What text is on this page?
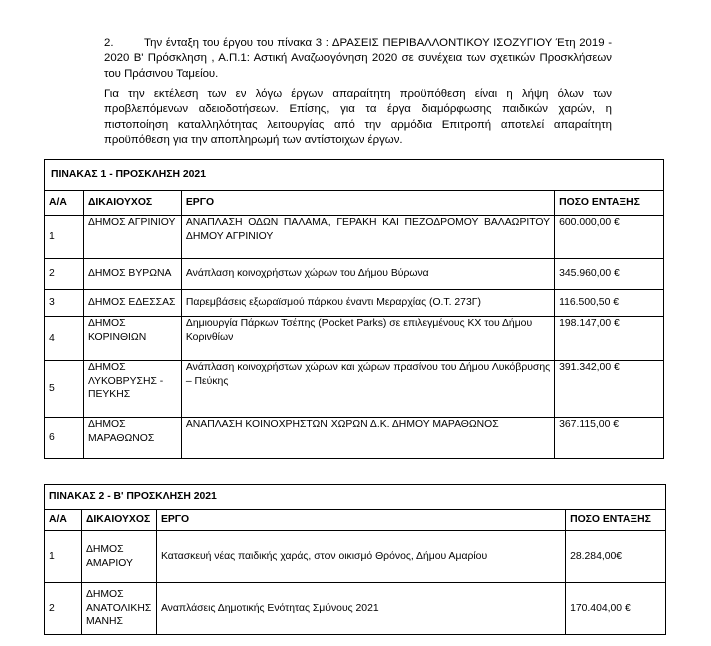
2.	Την ένταξη του έργου του πίνακα 3 : ΔΡΑΣΕΙΣ ΠΕΡΙΒΑΛΛΟΝΤΙΚΟΥ ΙΣΟΖΥΓΙΟΥ Έτη 2019 - 2020 Β' Πρόσκληση , Α.Π.1: Αστική Αναζωογόνηση 2020 σε συνέχεια των σχετικών Προσκλήσεων του Πράσινου Ταμείου.

Για την εκτέλεση των εν λόγω έργων απαραίτητη προϋπόθεση είναι η λήψη όλων των προβλεπόμενων αδειοδοτήσεων. Επίσης, για τα έργα διαμόρφωσης παιδικών χαρών, η πιστοποίηση καταλληλότητας λειτουργίας από την αρμόδια Επιτροπή αποτελεί απαραίτητη προϋπόθεση για την αποπληρωμή των αντίστοιχων έργων.

ΠΙΝΑΚΑΣ 1 - ΠΡΟΣΚΛΗΣΗ 2021			
Α/Α	ΔΙΚΑΙΟΥΧΟΣ	ΕΡΓΟ	ΠΟΣΟ ΕΝΤΑΞΗΣ
1	ΔΗΜΟΣ ΑΓΡΙΝΙΟΥ	ΑΝΑΠΛΑΣΗ ΟΔΩΝ ΠΑΛΑΜΑ, ΓΕΡΑΚΗ ΚΑΙ ΠΕΖΟΔΡΟΜΟΥ ΒΑΛΑΩΡΙΤΟΥ ΔΗΜΟΥ ΑΓΡΙΝΙΟΥ	600.000,00 €
2	ΔΗΜΟΣ ΒΥΡΩΝΑ	Ανάπλαση κοινοχρήστων χώρων του Δήμου Βύρωνα	345.960,00 €
3	ΔΗΜΟΣ ΕΔΕΣΣΑΣ	Παρεμβάσεις εξωραϊσμού πάρκου έναντι Μεραρχίας (Ο.Τ. 273Γ)	116.500,50 €
4	ΔΗΜΟΣ ΚΟΡΙΝΘΙΩΝ	Δημιουργία Πάρκων Τσέπης (Pocket Parks) σε επιλεγμένους ΚΧ του Δήμου Κορινθίων	198.147,00 €
5	ΔΗΜΟΣ ΛΥΚΟΒΡΥΣΗΣ - ΠΕΥΚΗΣ	Ανάπλαση κοινοχρήστων χώρων και χώρων πρασίνου του Δήμου Λυκόβρυσης – Πεύκης	391.342,00 €
6	ΔΗΜΟΣ ΜΑΡΑΘΩΝΟΣ	ΑΝΑΠΛΑΣΗ ΚΟΙΝΟΧΡΗΣΤΩΝ ΧΩΡΩΝ Δ.Κ. ΔΗΜΟΥ ΜΑΡΑΘΩΝΟΣ	367.115,00 €
ΠΙΝΑΚΑΣ 2 - Β' ΠΡΟΣΚΛΗΣΗ 2021			
Α/Α	ΔΙΚΑΙΟΥΧΟΣ	ΕΡΓΟ	ΠΟΣΟ ΕΝΤΑΞΗΣ
1	ΔΗΜΟΣ ΑΜΑΡΙΟΥ	Κατασκευή νέας παιδικής χαράς, στον οικισμό Θρόνος, Δήμου Αμαρίου	28.284,00€
2	ΔΗΜΟΣ ΑΝΑΤΟΛΙΚΗΣ ΜΑΝΗΣ	Αναπλάσεις Δημοτικής Ενότητας Σμύνους 2021	170.404,00 €
